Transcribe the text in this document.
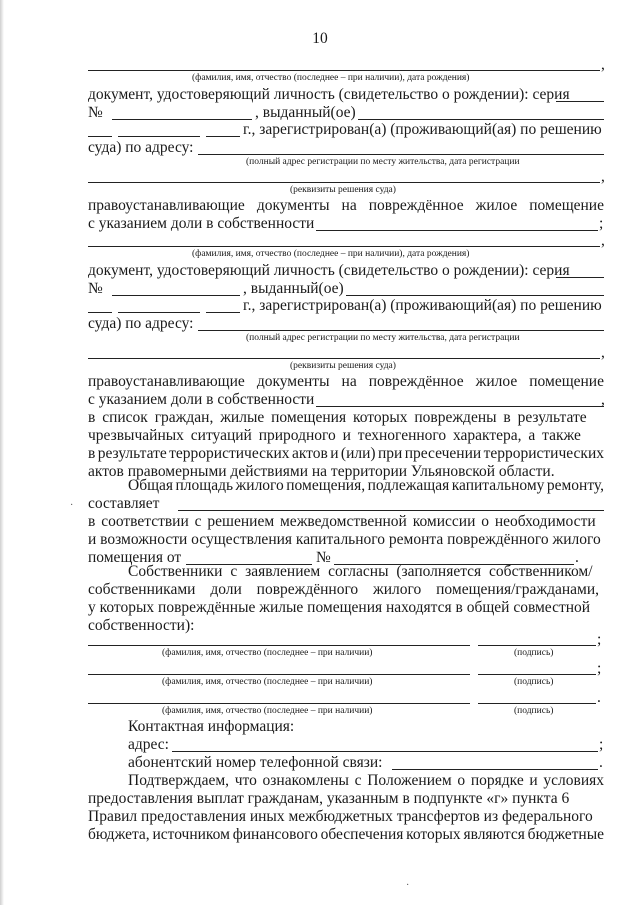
10
,
(фамилия, имя, отчество (последнее – при наличии), дата рождения)
документ, удостоверяющий личность (свидетельство о рождении): серия
№	, выданный(ое)
г., зарегистрирован(а) (проживающий(ая) по решению
суда) по адресу:
(полный адрес регистрации по месту жительства, дата регистрации
,
(реквизиты решения суда)
правоустанавливающие документы на повреждённое жилое помещение
с указанием доли в собственности	;
,
(фамилия, имя, отчество (последнее – при наличии), дата рождения)
документ, удостоверяющий личность (свидетельство о рождении): серия
№	, выданный(ое)
г., зарегистрирован(а) (проживающий(ая) по решению
суда) по адресу:
(полный адрес регистрации по месту жительства, дата регистрации
,
(реквизиты решения суда)
правоустанавливающие документы на повреждённое жилое помещение
с указанием доли в собственности	,
в список граждан, жилые помещения которых повреждены в результате
чрезвычайных ситуаций природного и техногенного характера, а также
в результате террористических актов и (или) при пресечении террористических
актов правомерными действиями на территории Ульяновской области.
Общая площадь жилого помещения, подлежащая капитальному ремонту,
составляет
в соответствии с решением межведомственной комиссии о необходимости
и возможности осуществления капитального ремонта повреждённого жилого
помещения от	№	.
Собственники с заявлением согласны (заполняется собственником/
собственниками доли повреждённого жилого помещения/гражданами,
у которых повреждённые жилые помещения находятся в общей совместной
собственности):
;
(фамилия, имя, отчество (последнее – при наличии)	(подпись)
;
(фамилия, имя, отчество (последнее – при наличии)	(подпись)
.
(фамилия, имя, отчество (последнее – при наличии)	(подпись)
Контактная информация:
адрес:	;
абонентский номер телефонной связи:	.
Подтверждаем, что ознакомлены с Положением о порядке и условиях
предоставления выплат гражданам, указанным в подпункте «г» пункта 6
Правил предоставления иных межбюджетных трансфертов из федерального
бюджета, источником финансового обеспечения которых являются бюджетные
·
·
